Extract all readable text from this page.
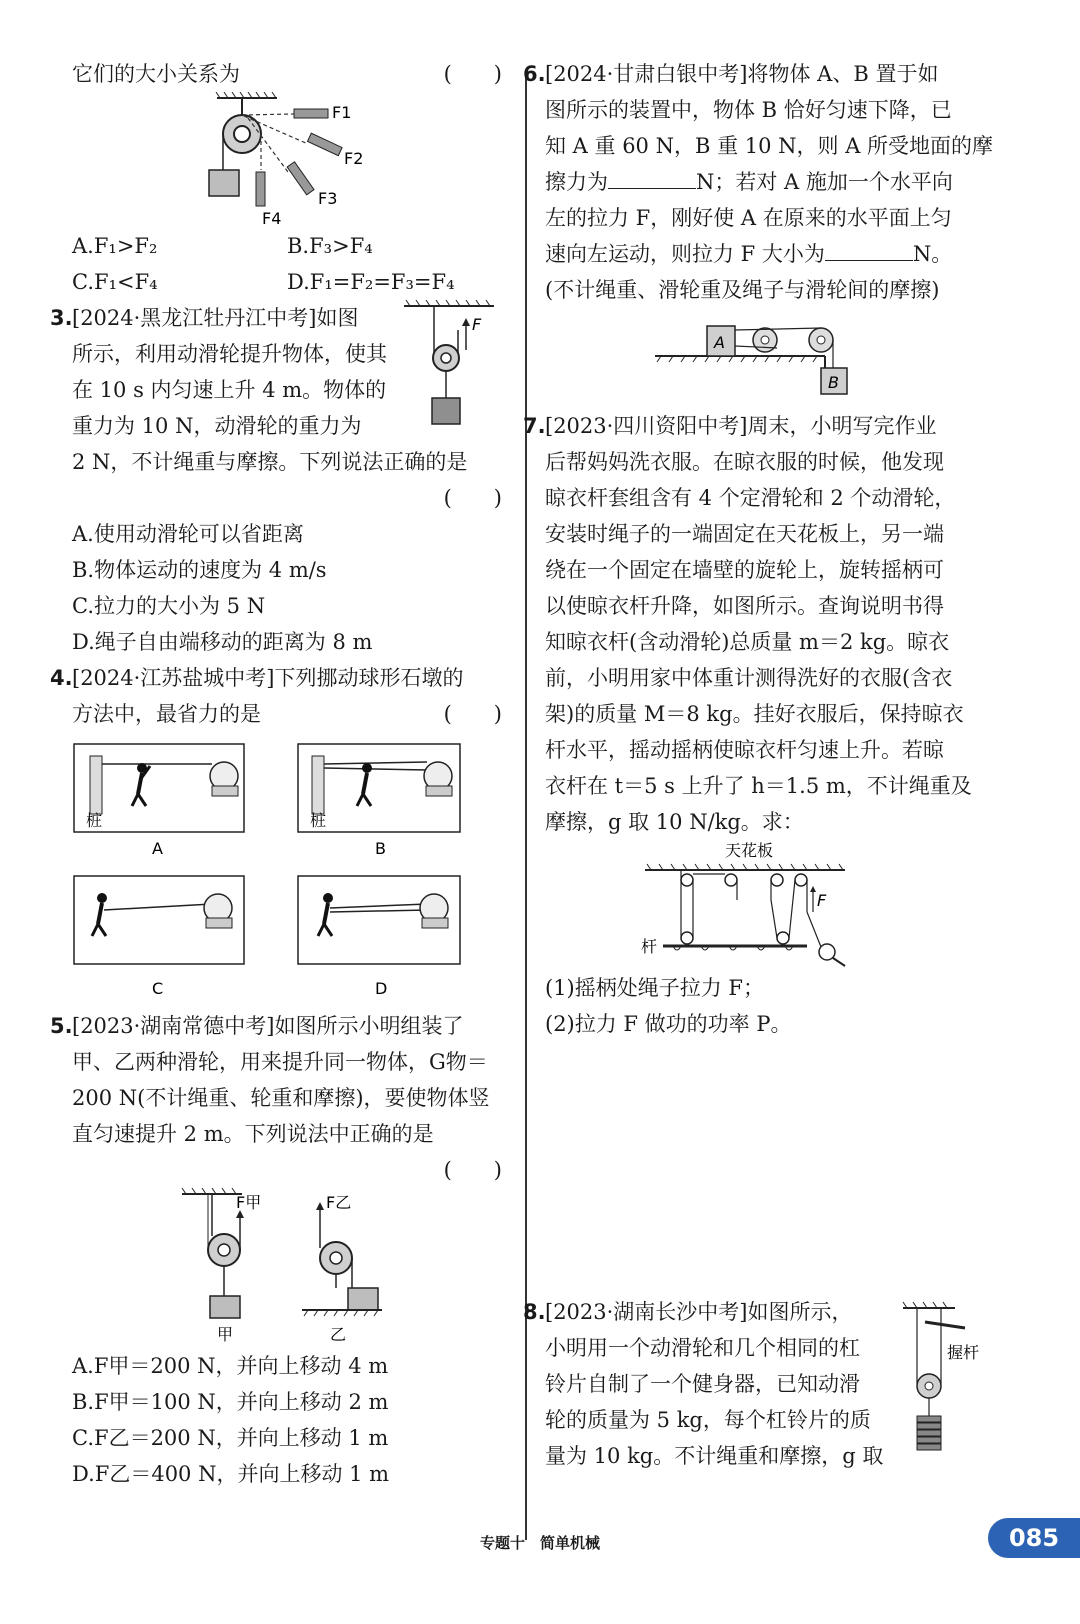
它们的大小关系为	(　　)
F1
F2
F3
F4
A.F₁>F₂	B.F₃>F₄
C.F₁<F₄	D.F₁=F₂=F₃=F₄
3. [2024·黑龙江牡丹江中考]如图
所示，利用动滑轮提升物体，使其
在 10 s 内匀速上升 4 m。物体的
重力为 10 N，动滑轮的重力为
2 N，不计绳重与摩擦。下列说法正确的是
(　　)
F
A.使用动滑轮可以省距离
B.物体运动的速度为 4 m/s
C.拉力的大小为 5 N
D.绳子自由端移动的距离为 8 m
4. [2024·江苏盐城中考]下列挪动球形石墩的
方法中，最省力的是	(　　)
桩
A
桩
B
C	D
5. [2023·湖南常德中考]如图所示小明组装了
甲、乙两种滑轮，用来提升同一物体，G物＝
200 N(不计绳重、轮重和摩擦)，要使物体竖
直匀速提升 2 m。下列说法中正确的是
(　　)
F甲
甲
F乙
乙
A.F甲＝200 N，并向上移动 4 m
B.F甲＝100 N，并向上移动 2 m
C.F乙＝200 N，并向上移动 1 m
D.F乙＝400 N，并向上移动 1 m
6. [2024·甘肃白银中考]将物体 A、B 置于如
图所示的装置中，物体 B 恰好匀速下降，已
知 A 重 60 N，B 重 10 N，则 A 所受地面的摩
擦力为	N；若对 A 施加一个水平向
左的拉力 F，刚好使 A 在原来的水平面上匀
速向左运动，则拉力 F 大小为	N。
(不计绳重、滑轮重及绳子与滑轮间的摩擦)
A
B
7. [2023·四川资阳中考]周末，小明写完作业
后帮妈妈洗衣服。在晾衣服的时候，他发现
晾衣杆套组含有 4 个定滑轮和 2 个动滑轮，
安装时绳子的一端固定在天花板上，另一端
绕在一个固定在墙壁的旋轮上，旋转摇柄可
以使晾衣杆升降，如图所示。查询说明书得
知晾衣杆(含动滑轮)总质量 m＝2 kg。晾衣
前，小明用家中体重计测得洗好的衣服(含衣
架)的质量 M＝8 kg。挂好衣服后，保持晾衣
杆水平，摇动摇柄使晾衣杆匀速上升。若晾
衣杆在 t＝5 s 上升了 h＝1.5 m，不计绳重及
摩擦，g 取 10 N/kg。求：
天花板
F
杆
(1)摇柄处绳子拉力 F；
(2)拉力 F 做功的功率 P。
8. [2023·湖南长沙中考]如图所示，
小明用一个动滑轮和几个相同的杠
铃片自制了一个健身器，已知动滑
轮的质量为 5 kg，每个杠铃片的质
量为 10 kg。不计绳重和摩擦，g 取
握杆
专题十　简单机械	085
